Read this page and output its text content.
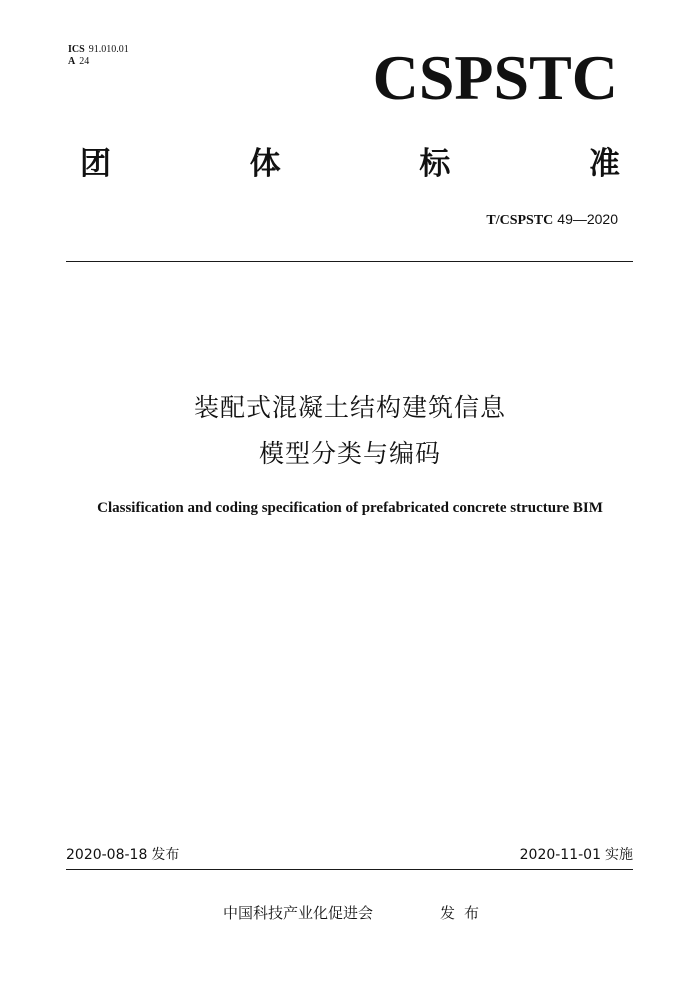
ICS 91.010.01
A 24	CSPSTC
团	体	标	准
T/CSPSTC 49—2020
装配式混凝土结构建筑信息
模型分类与编码
Classification and coding specification of prefabricated concrete structure BIM
2020-08-18 发布	2020-11-01 实施
中国科技产业化促进会	发布
